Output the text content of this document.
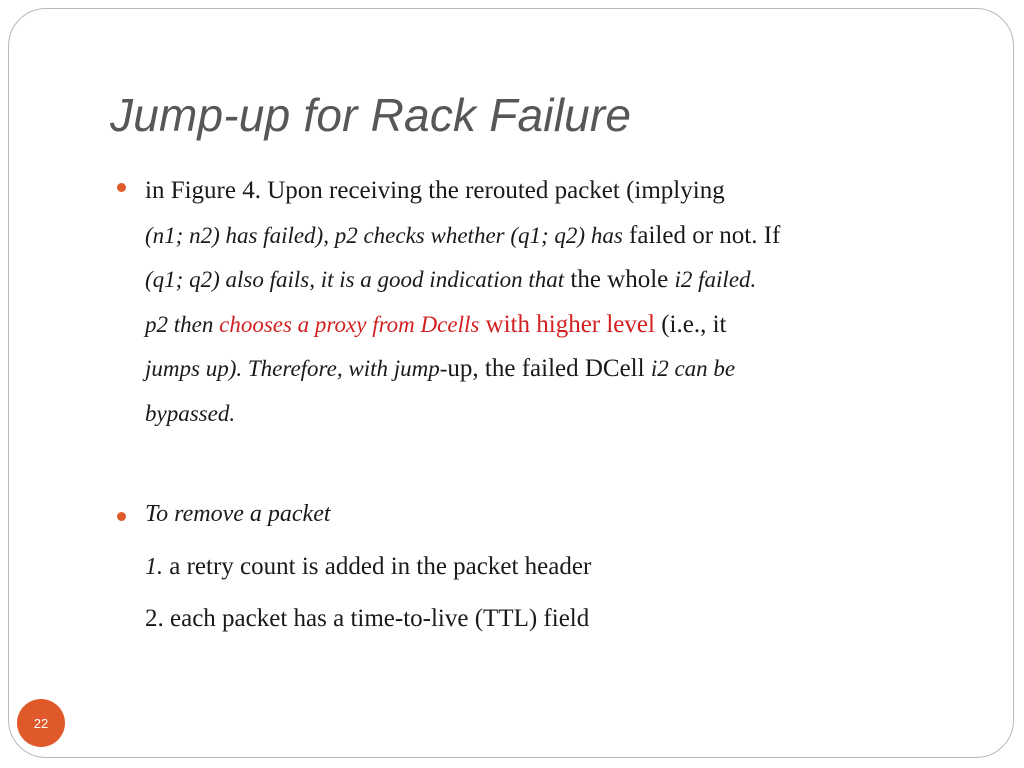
Jump-up for Rack Failure
in Figure 4. Upon receiving the rerouted packet (implying
(n1; n2) has failed), p2 checks whether (q1; q2) has failed or not. If
(q1; q2) also fails, it is a good indication that the whole i2 failed.
p2 then chooses a proxy from Dcells with higher level (i.e., it
jumps up). Therefore, with jump-up, the failed DCell i2 can be
bypassed.
To remove a packet
1. a retry count is added in the packet header
2. each packet has a time-to-live (TTL) field
22
